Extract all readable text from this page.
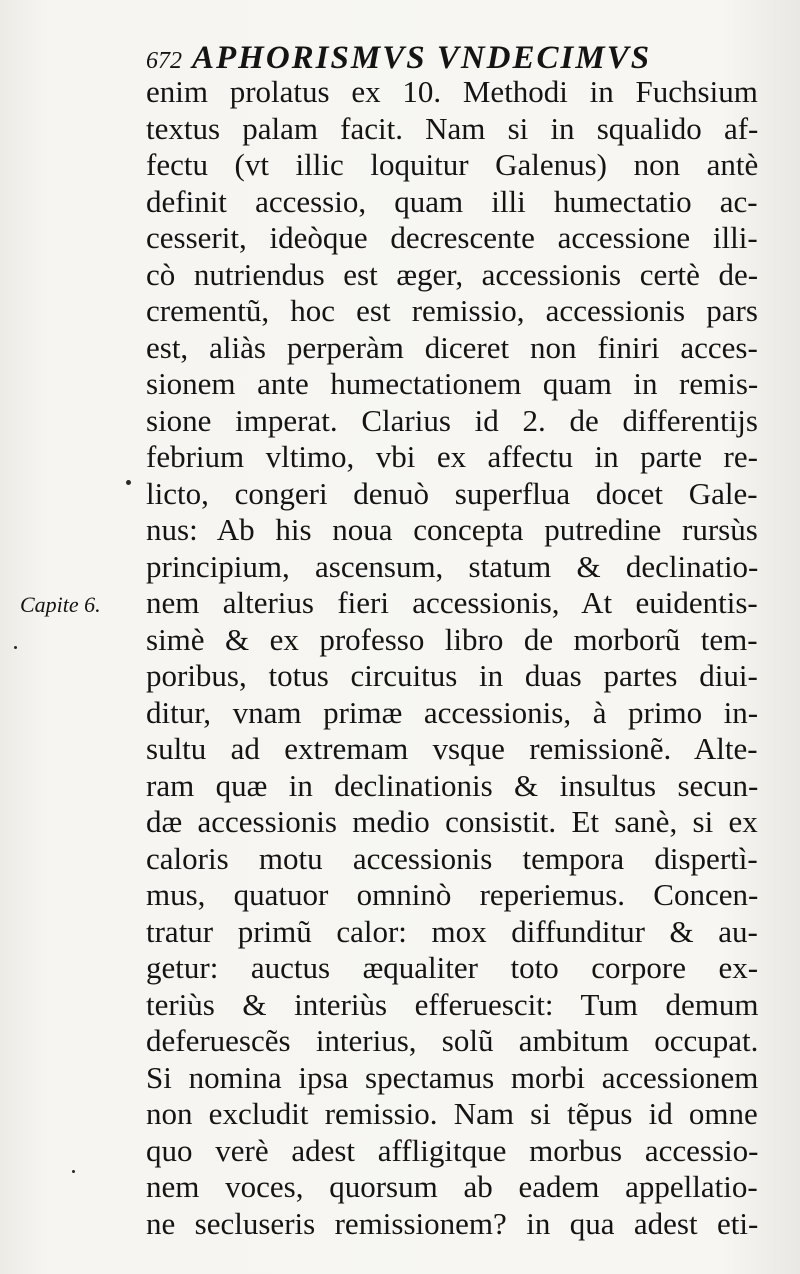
672 APHORISMVS VNDECIMVS
Capite 6.
enim prolatus ex 10. Methodi in Fuchsium
textus palam facit. Nam si in squalido af-
fectu (vt illic loquitur Galenus) non antè
definit accessio, quam illi humectatio ac-
cesserit, ideòque decrescente accessione illi-
cò nutriendus est æger, accessionis certè de-
crementũ, hoc est remissio, accessionis pars
est, aliàs perperàm diceret non finiri acces-
sionem ante humectationem quam in remis-
sione imperat. Clarius id 2. de differentijs
febrium vltimo, vbi ex affectu in parte re-
licto, congeri denuò superflua docet Gale-
nus: Ab his noua concepta putredine rursùs
principium, ascensum, statum & declinatio-
nem alterius fieri accessionis, At euidentis-
simè & ex professo libro de morborũ tem-
poribus, totus circuitus in duas partes diui-
ditur, vnam primæ accessionis, à primo in-
sultu ad extremam vsque remissionẽ. Alte-
ram quæ in declinationis & insultus secun-
dæ accessionis medio consistit. Et sanè, si ex
caloris motu accessionis tempora dispertì-
mus, quatuor omninò reperiemus. Concen-
tratur primũ calor: mox diffunditur & au-
getur: auctus æqualiter toto corpore ex-
teriùs & interiùs efferuescit: Tum demum
deferuescẽs interius, solũ ambitum occupat.
Si nomina ipsa spectamus morbi accessionem
non excludit remissio. Nam si tẽpus id omne
quo verè adest affligitque morbus accessio-
nem voces, quorsum ab eadem appellatio-
ne secluseris remissionem? in qua adest eti-
